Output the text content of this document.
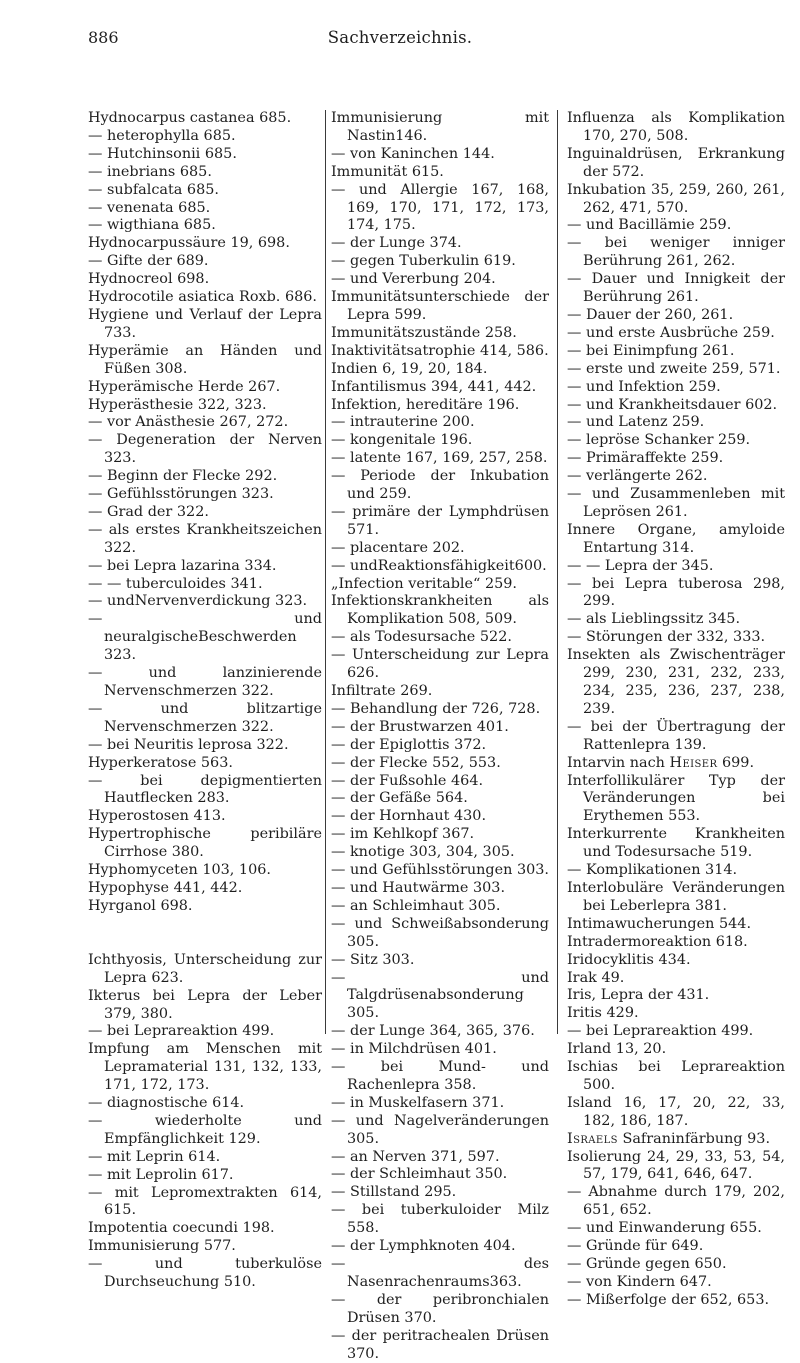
Sachverzeichnis.
886
Hydnocarpus castanea 685.
— heterophylla 685.
— Hutchinsonii 685.
— inebrians 685.
— subfalcata 685.
— venenata 685.
— wigthiana 685.
Hydnocarpussäure 19, 698.
— Gifte der 689.
Hydnocreol 698.
Hydrocotile asiatica Roxb. 686.
Hygiene und Verlauf der Lepra 733.
Hyperämie an Händen und Füßen 308.
Hyperämische Herde 267.
Hyperästhesie 322, 323.
— vor Anästhesie 267, 272.
— Degeneration der Nerven 323.
— Beginn der Flecke 292.
— Gefühlsstörungen 323.
— Grad der 322.
— als erstes Krankheitszeichen 322.
— bei Lepra lazarina 334.
— — tuberculoides 341.
— undNervenverdickung 323.
— und neuralgischeBeschwerden 323.
— und lanzinierende Nervenschmerzen 322.
— und blitzartige Nervenschmerzen 322.
— bei Neuritis leprosa 322.
Hyperkeratose 563.
— bei depigmentierten Hautflecken 283.
Hyperostosen 413.
Hypertrophische peribiläre Cirrhose 380.
Hyphomyceten 103, 106.
Hypophyse 441, 442.
Hyrganol 698.
Ichthyosis, Unterscheidung zur Lepra 623.
Ikterus bei Lepra der Leber 379, 380.
— bei Leprareaktion 499.
Impfung am Menschen mit Lepramaterial 131, 132, 133, 171, 172, 173.
— diagnostische 614.
— wiederholte und Empfänglichkeit 129.
— mit Leprin 614.
— mit Leprolin 617.
— mit Lepromextrakten 614, 615.
Impotentia coecundi 198.
Immunisierung 577.
— und tuberkulöse Durchseuchung 510.
Immunisierung mit Nastin146.
— von Kaninchen 144.
Immunität 615.
— und Allergie 167, 168, 169, 170, 171, 172, 173, 174, 175.
— der Lunge 374.
— gegen Tuberkulin 619.
— und Vererbung 204.
Immunitätsunterschiede der Lepra 599.
Immunitätszustände 258.
Inaktivitätsatrophie 414, 586.
Indien 6, 19, 20, 184.
Infantilismus 394, 441, 442.
Infektion, hereditäre 196.
— intrauterine 200.
— kongenitale 196.
— latente 167, 169, 257, 258.
— Periode der Inkubation und 259.
— primäre der Lymphdrüsen 571.
— placentare 202.
— undReaktionsfähigkeit600.
„Infection veritable“ 259.
Infektionskrankheiten als Komplikation 508, 509.
— als Todesursache 522.
— Unterscheidung zur Lepra 626.
Infiltrate 269.
— Behandlung der 726, 728.
— der Brustwarzen 401.
— der Epiglottis 372.
— der Flecke 552, 553.
— der Fußsohle 464.
— der Gefäße 564.
— der Hornhaut 430.
— im Kehlkopf 367.
— knotige 303, 304, 305.
— und Gefühlsstörungen 303.
— und Hautwärme 303.
— an Schleimhaut 305.
— und Schweißabsonderung 305.
— Sitz 303.
— und Talgdrüsenabsonderung 305.
— der Lunge 364, 365, 376.
— in Milchdrüsen 401.
— bei Mund- und Rachenlepra 358.
— in Muskelfasern 371.
— und Nagelveränderungen 305.
— an Nerven 371, 597.
— der Schleimhaut 350.
— Stillstand 295.
— bei tuberkuloider Milz 558.
— der Lymphknoten 404.
— des Nasenrachenraums363.
— der peribronchialen Drüsen 370.
— der peritrachealen Drüsen 370.
Influenza als Komplikation 170, 270, 508.
Inguinaldrüsen, Erkrankung der 572.
Inkubation 35, 259, 260, 261, 262, 471, 570.
— und Bacillämie 259.
— bei weniger inniger Berührung 261, 262.
— Dauer und Innigkeit der Berührung 261.
— Dauer der 260, 261.
— und erste Ausbrüche 259.
— bei Einimpfung 261.
— erste und zweite 259, 571.
— und Infektion 259.
— und Krankheitsdauer 602.
— und Latenz 259.
— lepröse Schanker 259.
— Primäraffekte 259.
— verlängerte 262.
— und Zusammenleben mit Leprösen 261.
Innere Organe, amyloide Entartung 314.
— — Lepra der 345.
— bei Lepra tuberosa 298, 299.
— als Lieblingssitz 345.
— Störungen der 332, 333.
Insekten als Zwischenträger 299, 230, 231, 232, 233, 234, 235, 236, 237, 238, 239.
— bei der Übertragung der Rattenlepra 139.
Intarvin nach Heiser 699.
Interfollikulärer Typ der Veränderungen bei Erythemen 553.
Interkurrente Krankheiten und Todesursache 519.
— Komplikationen 314.
Interlobuläre Veränderungen bei Leberlepra 381.
Intimawucherungen 544.
Intradermoreaktion 618.
Iridocyklitis 434.
Irak 49.
Iris, Lepra der 431.
Iritis 429.
— bei Leprareaktion 499.
Irland 13, 20.
Ischias bei Leprareaktion 500.
Island 16, 17, 20, 22, 33, 182, 186, 187.
Israels Safraninfärbung 93.
Isolierung 24, 29, 33, 53, 54, 57, 179, 641, 646, 647.
— Abnahme durch 179, 202, 651, 652.
— und Einwanderung 655.
— Gründe für 649.
— Gründe gegen 650.
— von Kindern 647.
— Mißerfolge der 652, 653.
